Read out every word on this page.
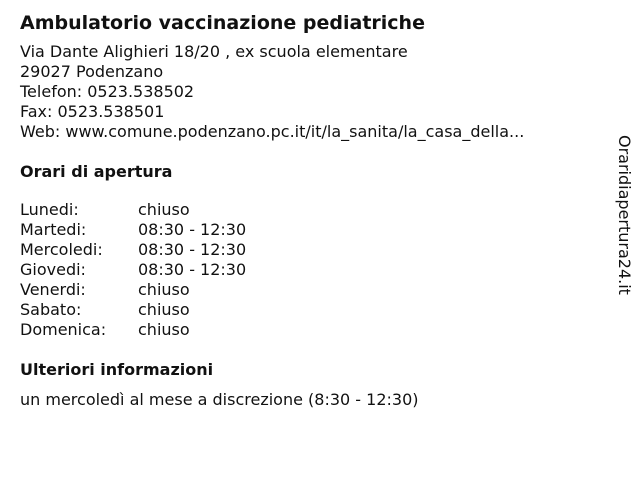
Ambulatorio vaccinazione pediatriche
Via Dante Alighieri 18/20 , ex scuola elementare
29027 Podenzano
Telefon: 0523.538502
Fax: 0523.538501
Web: www.comune.podenzano.pc.it/it/la_sanita/la_casa_della...
Orari di apertura
Lunedi:	chiuso
Martedi:	08:30 - 12:30
Mercoledi:	08:30 - 12:30
Giovedi:	08:30 - 12:30
Venerdi:	chiuso
Sabato:	chiuso
Domenica:	chiuso
Ulteriori informazioni
un mercoledì al mese a discrezione (8:30 - 12:30)
Oraridiapertura24.it
